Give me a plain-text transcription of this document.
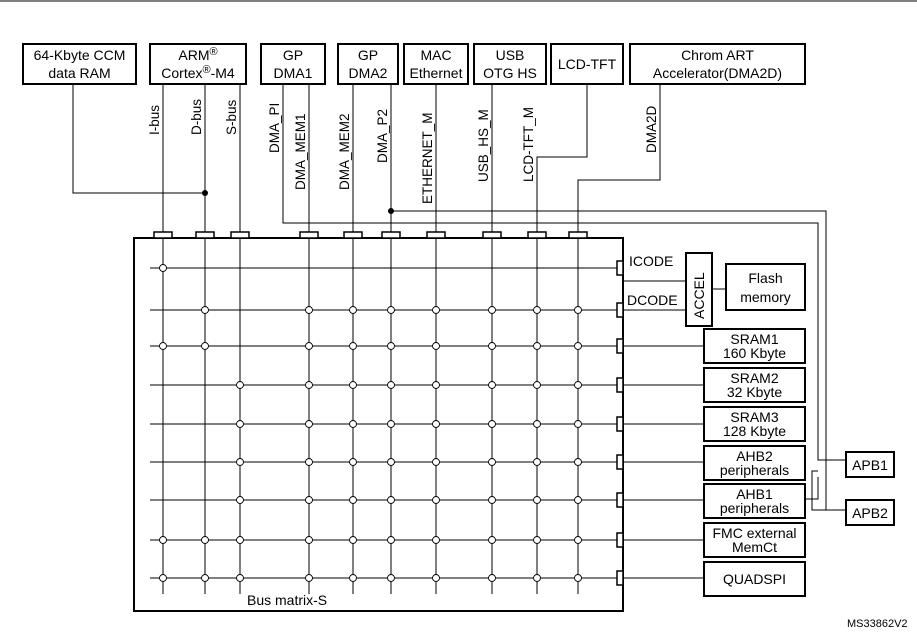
64-Kbyte CCM
data RAM
ARM®
Cortex®-M4
GP
DMA1
GP
DMA2
MAC
Ethernet
USB
OTG HS
LCD-TFT
Chrom ART
Accelerator(DMA2D)
I-bus D-bus S-bus DMA_PI DMA_MEM1 DMA_MEM2 DMA_P2 ETHERNET_M	USB_HS_M LCD-TFT_M	DMA2D
Bus matrix-S
ICODE
DCODE ACCEL	Flash
memory
SRAM1
160 Kbyte
SRAM2
32 Kbyte
SRAM3
128 Kbyte
AHB2
peripherals
AHB1
peripherals
FMC external
MemCt
QUADSPI
APB1
APB2
MS33862V2
